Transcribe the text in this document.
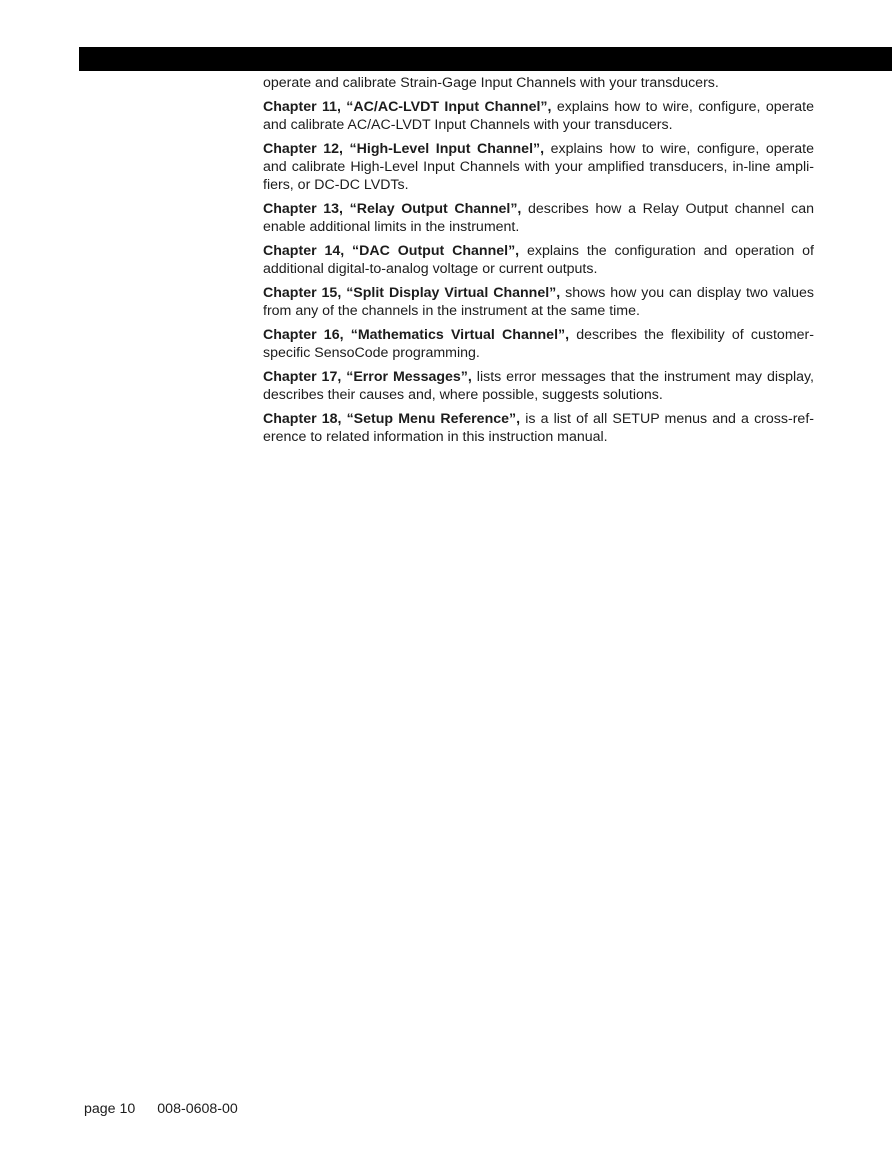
operate and calibrate Strain-Gage Input Channels with your transducers.

Chapter 11, “AC/AC-LVDT Input Channel”, explains how to wire, configure, operate and calibrate AC/AC-LVDT Input Channels with your transducers.

Chapter 12, “High-Level Input Channel”, explains how to wire, configure, operate and calibrate High-Level Input Channels with your amplified transducers, in-line amplifiers, or DC-DC LVDTs.

Chapter 13, “Relay Output Channel”, describes how a Relay Output channel can enable additional limits in the instrument.

Chapter 14, “DAC Output Channel”, explains the configuration and operation of additional digital-to-analog voltage or current outputs.

Chapter 15, “Split Display Virtual Channel”, shows how you can display two values from any of the channels in the instrument at the same time.

Chapter 16, “Mathematics Virtual Channel”, describes the flexibility of customer-specific SensoCode programming.

Chapter 17, “Error Messages”, lists error messages that the instrument may display, describes their causes and, where possible, suggests solutions.

Chapter 18, “Setup Menu Reference”, is a list of all SETUP menus and a cross-reference to related information in this instruction manual.

page 10 008-0608-00
